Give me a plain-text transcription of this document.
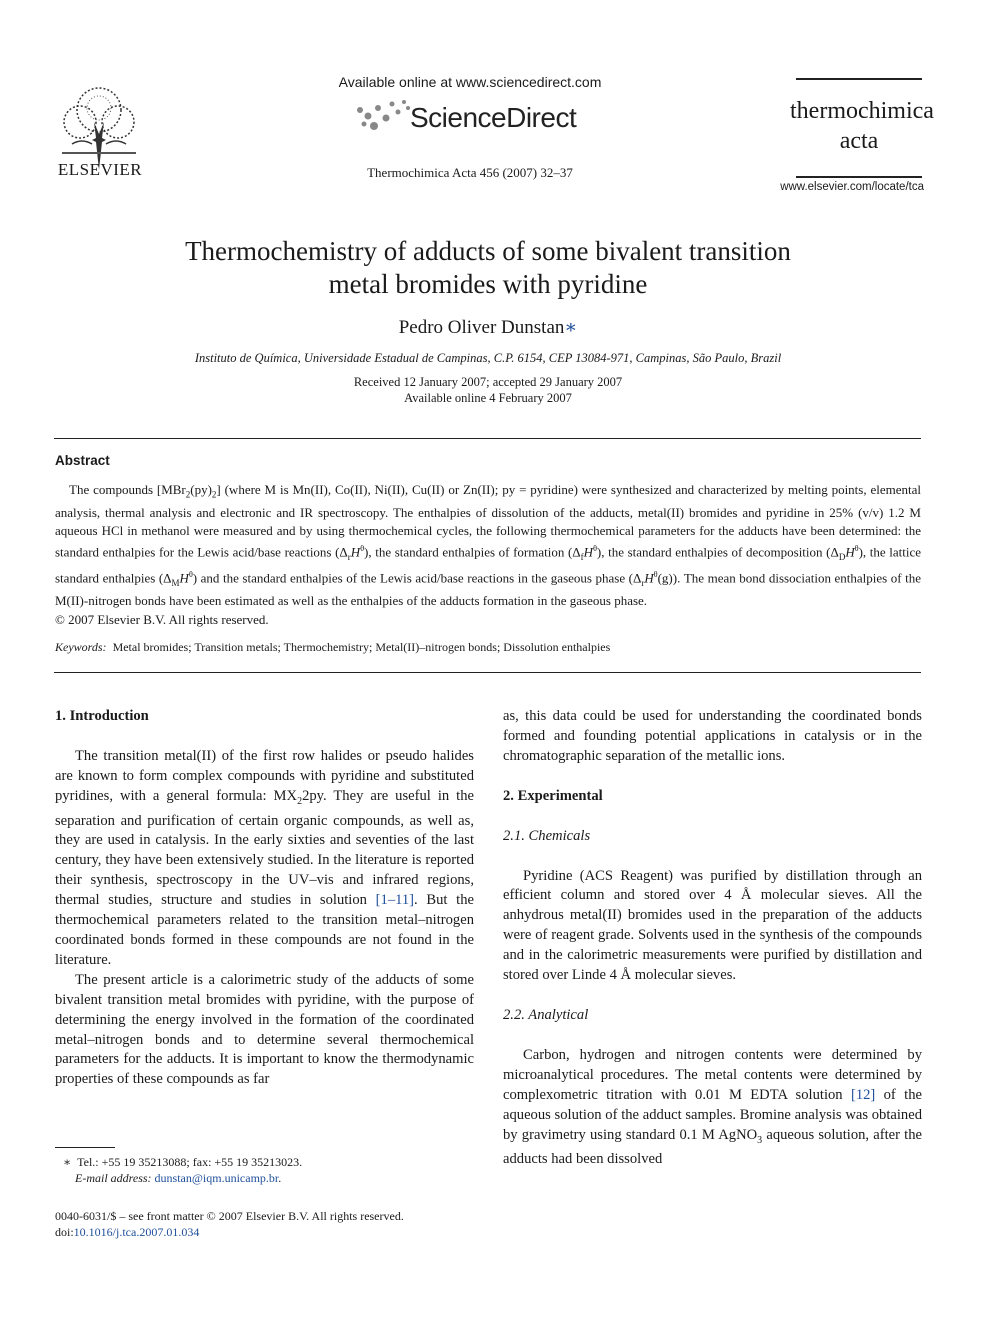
ELSEVIER
Available online at www.sciencedirect.com
ScienceDirect
Thermochimica Acta 456 (2007) 32–37
thermochimica
acta
www.elsevier.com/locate/tca
Thermochemistry of adducts of some bivalent transition
metal bromides with pyridine
Pedro Oliver Dunstan∗
Instituto de Química, Universidade Estadual de Campinas, C.P. 6154, CEP 13084-971, Campinas, São Paulo, Brazil
Received 12 January 2007; accepted 29 January 2007
Available online 4 February 2007
Abstract

The compounds $[MBr_2(py)_2]$ (where M is Mn(II), Co(II), Ni(II), Cu(II) or Zn(II); py = pyridine) were synthesized and characterized by melting points, elemental analysis, thermal analysis and electronic and IR spectroscopy. The enthalpies of dissolution of the adducts, metal(II) bromides and pyridine in 25% (v/v) 1.2 M aqueous HCl in methanol were measured and by using thermochemical cycles, the following thermochemical parameters for the adducts have been determined: the standard enthalpies for the Lewis acid/base reactions $(\Delta_rH^\theta)$, the standard enthalpies of formation $(\Delta_fH^\theta)$, the standard enthalpies of decomposition $(\Delta_DH^\theta)$, the lattice standard enthalpies $(\Delta_MH^\theta)$ and the standard enthalpies of the Lewis acid/base reactions in the gaseous phase $(\Delta_rH^\theta(g))$. The mean bond dissociation enthalpies of the M(II)-nitrogen bonds have been estimated as well as the enthalpies of the adducts formation in the gaseous phase.

© 2007 Elsevier B.V. All rights reserved.

Keywords: Metal bromides; Transition metals; Thermochemistry; Metal(II)–nitrogen bonds; Dissolution enthalpies

1. Introduction

The transition metal(II) of the first row halides or pseudo halides are known to form complex compounds with pyridine and substituted pyridines, with a general formula: $MX_22py$. They are useful in the separation and purification of certain organic compounds, as well as, they are used in catalysis. In the early sixties and seventies of the last century, they have been extensively studied. In the literature is reported their synthesis, spectroscopy in the UV–vis and infrared regions, thermal studies, structure and studies in solution [1–11]. But the thermochemical parameters related to the transition metal–nitrogen coordinated bonds formed in these compounds are not found in the literature.

The present article is a calorimetric study of the adducts of some bivalent transition metal bromides with pyridine, with the purpose of determining the energy involved in the formation of the coordinated metal–nitrogen bonds and to determine several thermochemical parameters for the adducts. It is important to know the thermodynamic properties of these compounds as far

∗ Tel.: +55 19 35213088; fax: +55 19 35213023.
E-mail address: dunstan@iqm.unicamp.br.
0040-6031/$ – see front matter © 2007 Elsevier B.V. All rights reserved.
doi:10.1016/j.tca.2007.01.034

as, this data could be used for understanding the coordinated bonds formed and founding potential applications in catalysis or in the chromatographic separation of the metallic ions.

2. Experimental

2.1. Chemicals

Pyridine (ACS Reagent) was purified by distillation through an efficient column and stored over 4 Å molecular sieves. All the anhydrous metal(II) bromides used in the preparation of the adducts were of reagent grade. Solvents used in the synthesis of the compounds and in the calorimetric measurements were purified by distillation and stored over Linde 4 Å molecular sieves.

2.2. Analytical

Carbon, hydrogen and nitrogen contents were determined by microanalytical procedures. The metal contents were determined by complexometric titration with 0.01 M EDTA solution [12] of the aqueous solution of the adduct samples. Bromine analysis was obtained by gravimetry using standard 0.1 M AgNO$_3$ aqueous solution, after the adducts had been dissolved
